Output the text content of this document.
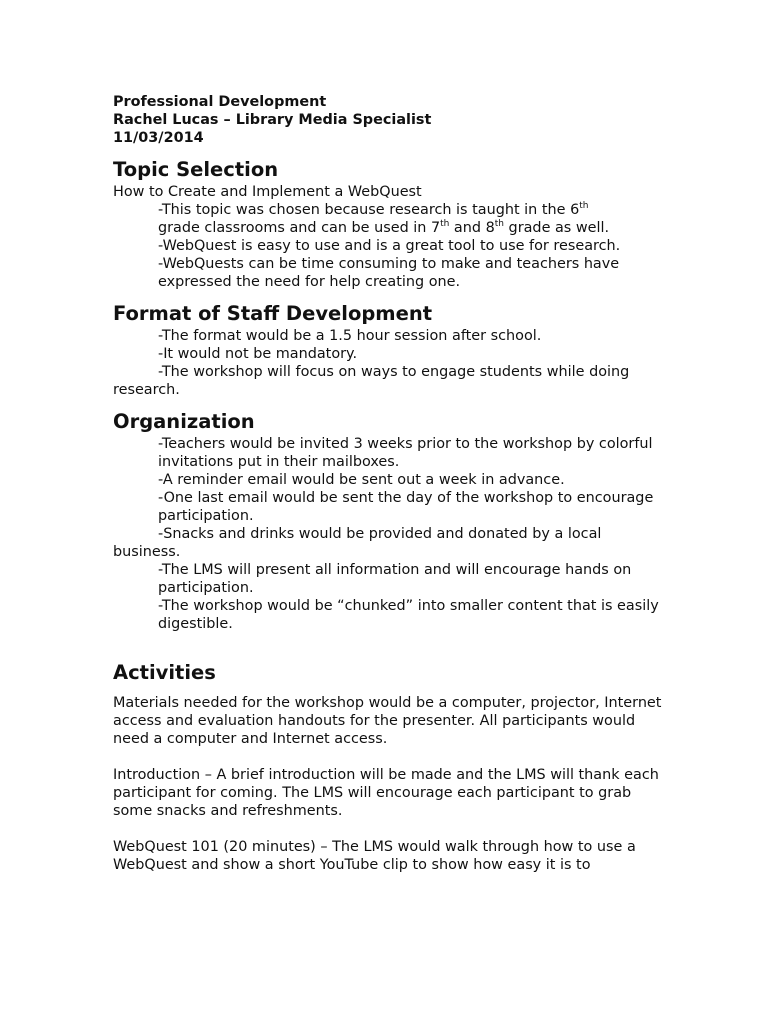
Professional Development
Rachel Lucas – Library Media Specialist
11/03/2014
Topic Selection

How to Create and Implement a WebQuest

-This topic was chosen because research is taught in the 6th
grade classrooms and can be used in 7th and 8th grade as well.

-WebQuest is easy to use and is a great tool to use for research.

-WebQuests can be time consuming to make and teachers have expressed the need for help creating one.

Format of Staff Development

-The format would be a 1.5 hour session after school.

-It would not be mandatory.

-The workshop will focus on ways to engage students while doing research.

Organization

-Teachers would be invited 3 weeks prior to the workshop by colorful invitations put in their mailboxes.

-A reminder email would be sent out a week in advance.

-One last email would be sent the day of the workshop to encourage participation.

-Snacks and drinks would be provided and donated by a local business.

-The LMS will present all information and will encourage hands on participation.

-The workshop would be “chunked” into smaller content that is easily digestible.

Activities

Materials needed for the workshop would be a computer, projector, Internet access and evaluation handouts for the presenter. All participants would need a computer and Internet access.

Introduction – A brief introduction will be made and the LMS will thank each participant for coming. The LMS will encourage each participant to grab some snacks and refreshments.

WebQuest 101 (20 minutes) – The LMS would walk through how to use a WebQuest and show a short YouTube clip to show how easy it is to
